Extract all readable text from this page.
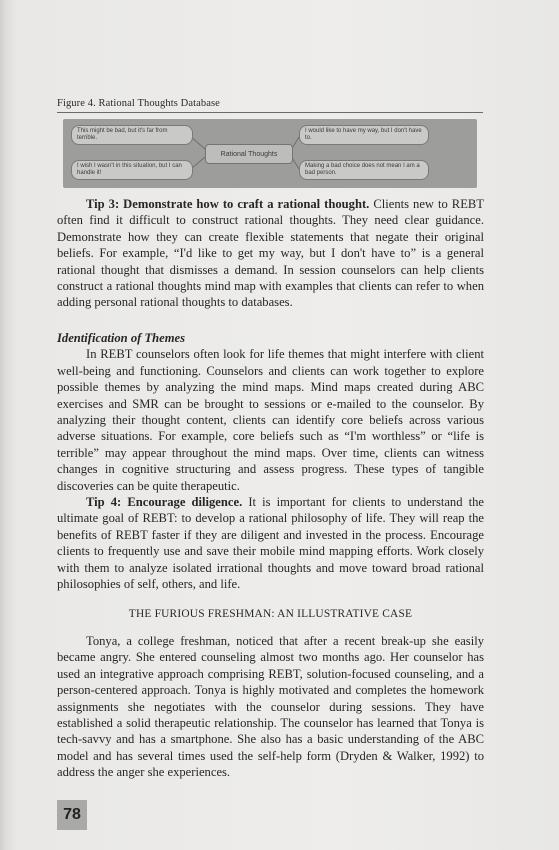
Figure 4. Rational Thoughts Database
This might be bad, but it's far from terrible.
I wish I wasn't in this situation, but I can handle it!
Rational Thoughts
I would like to have my way, but I don't have to.
Making a bad choice does not mean I am a bad person.

Tip 3: Demonstrate how to craft a rational thought. Clients new to REBT often find it difficult to construct rational thoughts. They need clear guidance. Demonstrate how they can create flexible statements that negate their original beliefs. For example, “I'd like to get my way, but I don't have to” is a general rational thought that dismisses a demand. In session counselors can help clients construct a rational thoughts mind map with examples that clients can refer to when adding personal rational thoughts to databases.

Identification of Themes

In REBT counselors often look for life themes that might interfere with client well-being and functioning. Counselors and clients can work together to explore possible themes by analyzing the mind maps. Mind maps created during ABC exercises and SMR can be brought to sessions or e-mailed to the counselor. By analyzing their thought content, clients can identify core beliefs across various adverse situations. For example, core beliefs such as “I'm worthless” or “life is terrible” may appear throughout the mind maps. Over time, clients can witness changes in cognitive structuring and assess progress. These types of tangible discoveries can be quite therapeutic.

Tip 4: Encourage diligence. It is important for clients to understand the ultimate goal of REBT: to develop a rational philosophy of life. They will reap the benefits of REBT faster if they are diligent and invested in the process. Encourage clients to frequently use and save their mobile mind mapping efforts. Work closely with them to analyze isolated irrational thoughts and move toward broad rational philosophies of self, others, and life.

THE FURIOUS FRESHMAN: AN ILLUSTRATIVE CASE

Tonya, a college freshman, noticed that after a recent break-up she easily became angry. She entered counseling almost two months ago. Her counselor has used an integrative approach comprising REBT, solution-focused counseling, and a person-centered approach. Tonya is highly motivated and completes the homework assignments she negotiates with the counselor during sessions. They have established a solid therapeutic relationship. The counselor has learned that Tonya is tech-savvy and has a smartphone. She also has a basic understanding of the ABC model and has several times used the self-help form (Dryden & Walker, 1992) to address the anger she experiences.

78
